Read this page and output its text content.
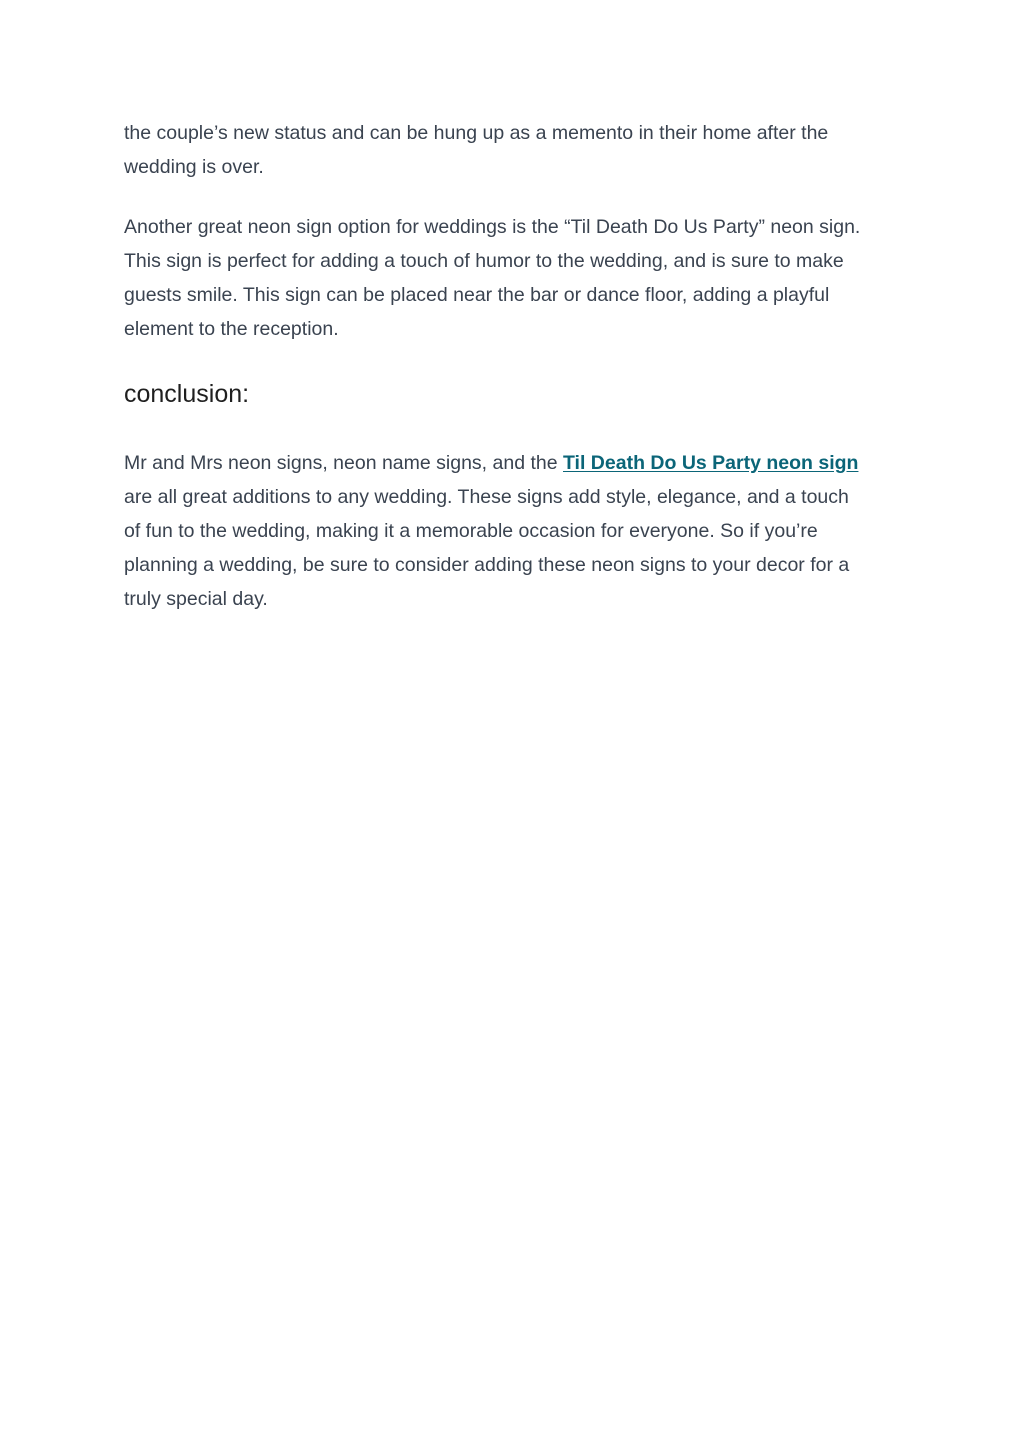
the couple’s new status and can be hung up as a memento in their home after the
wedding is over.

Another great neon sign option for weddings is the “Til Death Do Us Party” neon sign.
This sign is perfect for adding a touch of humor to the wedding, and is sure to make
guests smile. This sign can be placed near the bar or dance floor, adding a playful
element to the reception.

conclusion:

Mr and Mrs neon signs, neon name signs, and the Til Death Do Us Party neon sign
are all great additions to any wedding. These signs add style, elegance, and a touch
of fun to the wedding, making it a memorable occasion for everyone. So if you’re
planning a wedding, be sure to consider adding these neon signs to your decor for a
truly special day.
